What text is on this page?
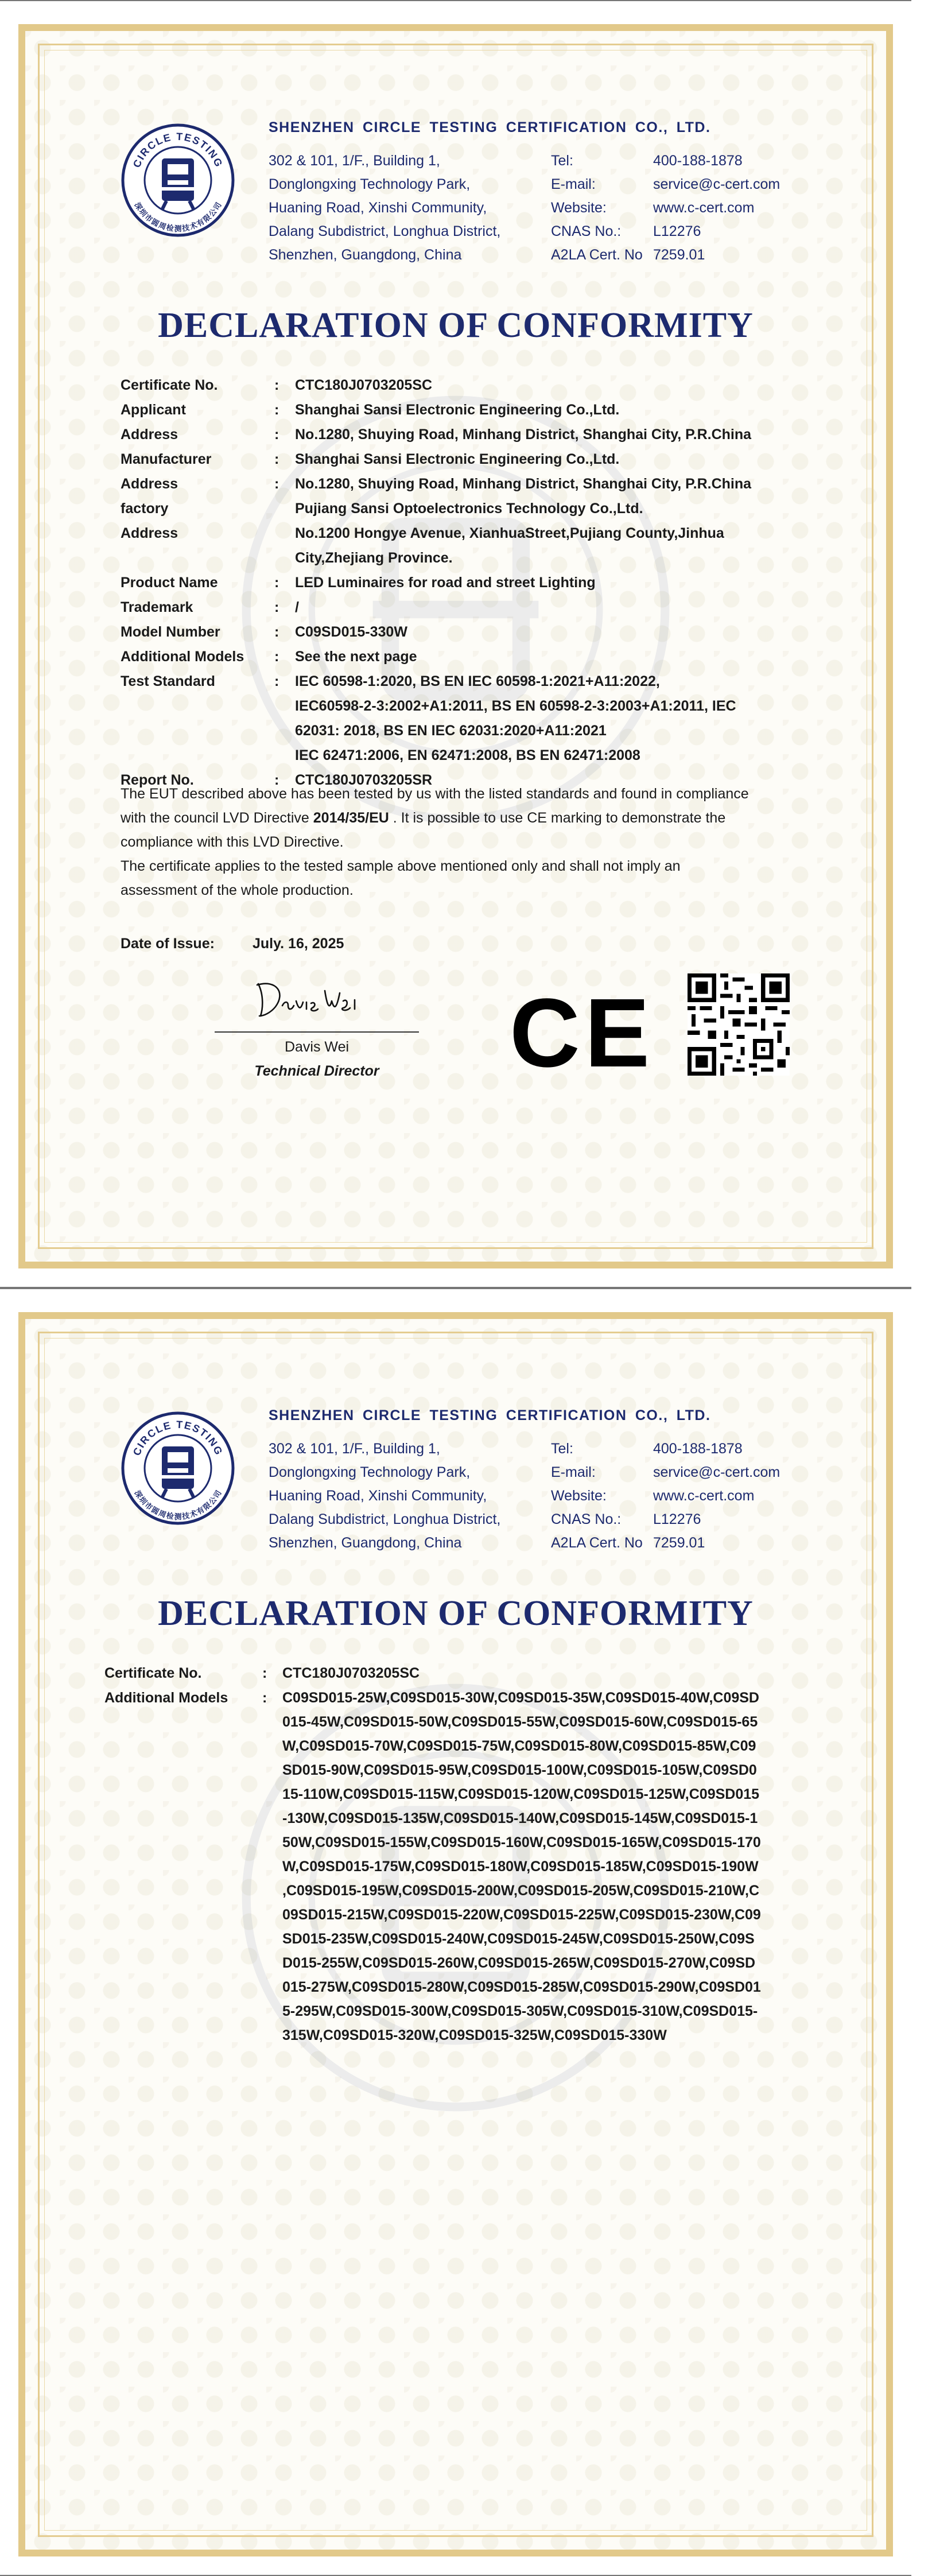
CIRCLE TESTING
深圳市圆周检测技术有限公司
SHENZHEN CIRCLE TESTING CERTIFICATION CO., LTD.
302 & 101, 1/F., Building 1,
Donglongxing Technology Park,
Huaning Road, Xinshi Community,
Dalang Subdistrict, Longhua District,
Shenzhen, Guangdong, China
Tel:	400-188-1878
E-mail:	service@c-cert.com
Website:	www.c-cert.com
CNAS No.: L12276
A2LA Cert. No 7259.01
DECLARATION OF CONFORMITY
Certificate No.	: CTC180J0703205SC
Applicant	: Shanghai Sansi Electronic Engineering Co.,Ltd.
Address	: No.1280, Shuying Road, Minhang District, Shanghai City, P.R.China
Manufacturer	: Shanghai Sansi Electronic Engineering Co.,Ltd.
Address	: No.1280, Shuying Road, Minhang District, Shanghai City, P.R.China
factory	Pujiang Sansi Optoelectronics Technology Co.,Ltd.
Address	No.1200 Hongye Avenue, XianhuaStreet,Pujiang County,Jinhua
City,Zhejiang Province.
Product Name	: LED Luminaires for road and street Lighting
Trademark	: /
Model Number	: C09SD015-330W
Additional Models : See the next page
Test Standard	: IEC 60598-1:2020, BS EN IEC 60598-1:2021+A11:2022,
IEC60598-2-3:2002+A1:2011, BS EN 60598-2-3:2003+A1:2011, IEC
62031: 2018, BS EN IEC 62031:2020+A11:2021
IEC 62471:2006, EN 62471:2008, BS EN 62471:2008
Report No.	: CTC180J0703205SR
The EUT described above has been tested by us with the listed standards and found in compliance
with the council LVD Directive 2014/35/EU . It is possible to use CE marking to demonstrate the
compliance with this LVD Directive.
The certificate applies to the tested sample above mentioned only and shall not imply an
assessment of the whole production.
Date of Issue:	July. 16, 2025
Davis Wei
Technical Director	CE
CIRCLE TESTING
深圳市圆周检测技术有限公司
SHENZHEN CIRCLE TESTING CERTIFICATION CO., LTD.
302 & 101, 1/F., Building 1,
Donglongxing Technology Park,
Huaning Road, Xinshi Community,
Dalang Subdistrict, Longhua District,
Shenzhen, Guangdong, China
Tel:	400-188-1878
E-mail:	service@c-cert.com
Website:	www.c-cert.com
CNAS No.: L12276
A2LA Cert. No 7259.01
DECLARATION OF CONFORMITY
Certificate No.	: CTC180J0703205SC
Additional Models : C09SD015-25W,C09SD015-30W,C09SD015-35W,C09SD015-40W,C09SD
015-45W,C09SD015-50W,C09SD015-55W,C09SD015-60W,C09SD015-65
W,C09SD015-70W,C09SD015-75W,C09SD015-80W,C09SD015-85W,C09
SD015-90W,C09SD015-95W,C09SD015-100W,C09SD015-105W,C09SD0
15-110W,C09SD015-115W,C09SD015-120W,C09SD015-125W,C09SD015
-130W,C09SD015-135W,C09SD015-140W,C09SD015-145W,C09SD015-1
50W,C09SD015-155W,C09SD015-160W,C09SD015-165W,C09SD015-170
W,C09SD015-175W,C09SD015-180W,C09SD015-185W,C09SD015-190W
,C09SD015-195W,C09SD015-200W,C09SD015-205W,C09SD015-210W,C
09SD015-215W,C09SD015-220W,C09SD015-225W,C09SD015-230W,C09
SD015-235W,C09SD015-240W,C09SD015-245W,C09SD015-250W,C09S
D015-255W,C09SD015-260W,C09SD015-265W,C09SD015-270W,C09SD
015-275W,C09SD015-280W,C09SD015-285W,C09SD015-290W,C09SD01
5-295W,C09SD015-300W,C09SD015-305W,C09SD015-310W,C09SD015-
315W,C09SD015-320W,C09SD015-325W,C09SD015-330W
